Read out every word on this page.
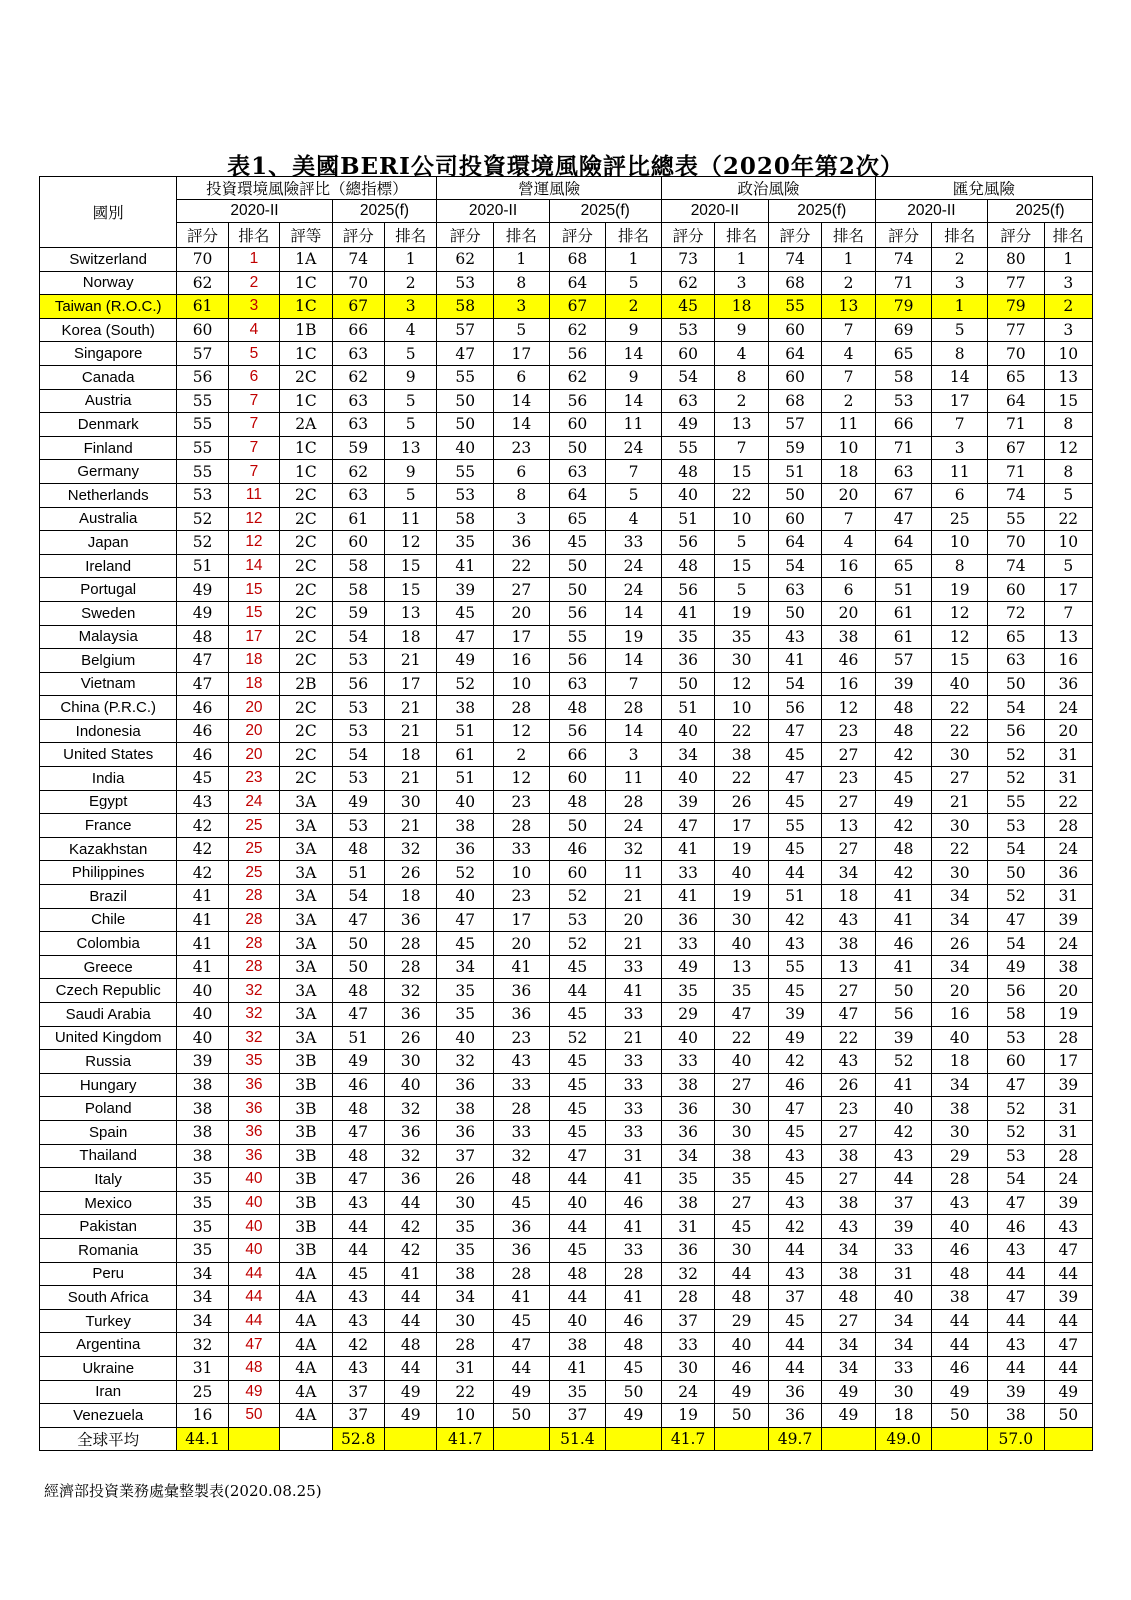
表1、美國BERI公司投資環境風險評比總表（2020年第2次）
國別	投資環境風險評比（總指標）					營運風險				政治風險				匯兌風險			
	2020-II			2025(f)		2020-II		2025(f)		2020-II		2025(f)		2020-II		2025(f)	
	評分	排名	評等	評分	排名	評分	排名	評分	排名	評分	排名	評分	排名	評分	排名	評分	排名
Switzerland	70	1	1A	74	1	62	1	68	1	73	1	74	1	74	2	80	1
Norway	62	2	1C	70	2	53	8	64	5	62	3	68	2	71	3	77	3
Taiwan (R.O.C.)	61	3	1C	67	3	58	3	67	2	45	18	55	13	79	1	79	2
Korea (South)	60	4	1B	66	4	57	5	62	9	53	9	60	7	69	5	77	3
Singapore	57	5	1C	63	5	47	17	56	14	60	4	64	4	65	8	70	10
Canada	56	6	2C	62	9	55	6	62	9	54	8	60	7	58	14	65	13
Austria	55	7	1C	63	5	50	14	56	14	63	2	68	2	53	17	64	15
Denmark	55	7	2A	63	5	50	14	60	11	49	13	57	11	66	7	71	8
Finland	55	7	1C	59	13	40	23	50	24	55	7	59	10	71	3	67	12
Germany	55	7	1C	62	9	55	6	63	7	48	15	51	18	63	11	71	8
Netherlands	53	11	2C	63	5	53	8	64	5	40	22	50	20	67	6	74	5
Australia	52	12	2C	61	11	58	3	65	4	51	10	60	7	47	25	55	22
Japan	52	12	2C	60	12	35	36	45	33	56	5	64	4	64	10	70	10
Ireland	51	14	2C	58	15	41	22	50	24	48	15	54	16	65	8	74	5
Portugal	49	15	2C	58	15	39	27	50	24	56	5	63	6	51	19	60	17
Sweden	49	15	2C	59	13	45	20	56	14	41	19	50	20	61	12	72	7
Malaysia	48	17	2C	54	18	47	17	55	19	35	35	43	38	61	12	65	13
Belgium	47	18	2C	53	21	49	16	56	14	36	30	41	46	57	15	63	16
Vietnam	47	18	2B	56	17	52	10	63	7	50	12	54	16	39	40	50	36
China (P.R.C.)	46	20	2C	53	21	38	28	48	28	51	10	56	12	48	22	54	24
Indonesia	46	20	2C	53	21	51	12	56	14	40	22	47	23	48	22	56	20
United States	46	20	2C	54	18	61	2	66	3	34	38	45	27	42	30	52	31
India	45	23	2C	53	21	51	12	60	11	40	22	47	23	45	27	52	31
Egypt	43	24	3A	49	30	40	23	48	28	39	26	45	27	49	21	55	22
France	42	25	3A	53	21	38	28	50	24	47	17	55	13	42	30	53	28
Kazakhstan	42	25	3A	48	32	36	33	46	32	41	19	45	27	48	22	54	24
Philippines	42	25	3A	51	26	52	10	60	11	33	40	44	34	42	30	50	36
Brazil	41	28	3A	54	18	40	23	52	21	41	19	51	18	41	34	52	31
Chile	41	28	3A	47	36	47	17	53	20	36	30	42	43	41	34	47	39
Colombia	41	28	3A	50	28	45	20	52	21	33	40	43	38	46	26	54	24
Greece	41	28	3A	50	28	34	41	45	33	49	13	55	13	41	34	49	38
Czech Republic	40	32	3A	48	32	35	36	44	41	35	35	45	27	50	20	56	20
Saudi Arabia	40	32	3A	47	36	35	36	45	33	29	47	39	47	56	16	58	19
United Kingdom	40	32	3A	51	26	40	23	52	21	40	22	49	22	39	40	53	28
Russia	39	35	3B	49	30	32	43	45	33	33	40	42	43	52	18	60	17
Hungary	38	36	3B	46	40	36	33	45	33	38	27	46	26	41	34	47	39
Poland	38	36	3B	48	32	38	28	45	33	36	30	47	23	40	38	52	31
Spain	38	36	3B	47	36	36	33	45	33	36	30	45	27	42	30	52	31
Thailand	38	36	3B	48	32	37	32	47	31	34	38	43	38	43	29	53	28
Italy	35	40	3B	47	36	26	48	44	41	35	35	45	27	44	28	54	24
Mexico	35	40	3B	43	44	30	45	40	46	38	27	43	38	37	43	47	39
Pakistan	35	40	3B	44	42	35	36	44	41	31	45	42	43	39	40	46	43
Romania	35	40	3B	44	42	35	36	45	33	36	30	44	34	33	46	43	47
Peru	34	44	4A	45	41	38	28	48	28	32	44	43	38	31	48	44	44
South Africa	34	44	4A	43	44	34	41	44	41	28	48	37	48	40	38	47	39
Turkey	34	44	4A	43	44	30	45	40	46	37	29	45	27	34	44	44	44
Argentina	32	47	4A	42	48	28	47	38	48	33	40	44	34	34	44	43	47
Ukraine	31	48	4A	43	44	31	44	41	45	30	46	44	34	33	46	44	44
Iran	25	49	4A	37	49	22	49	35	50	24	49	36	49	30	49	39	49
Venezuela	16	50	4A	37	49	10	50	37	49	19	50	36	49	18	50	38	50
全球平均	44.1			52.8		41.7		51.4		41.7		49.7		49.0		57.0	
經濟部投資業務處彙整製表(2020.08.25)
